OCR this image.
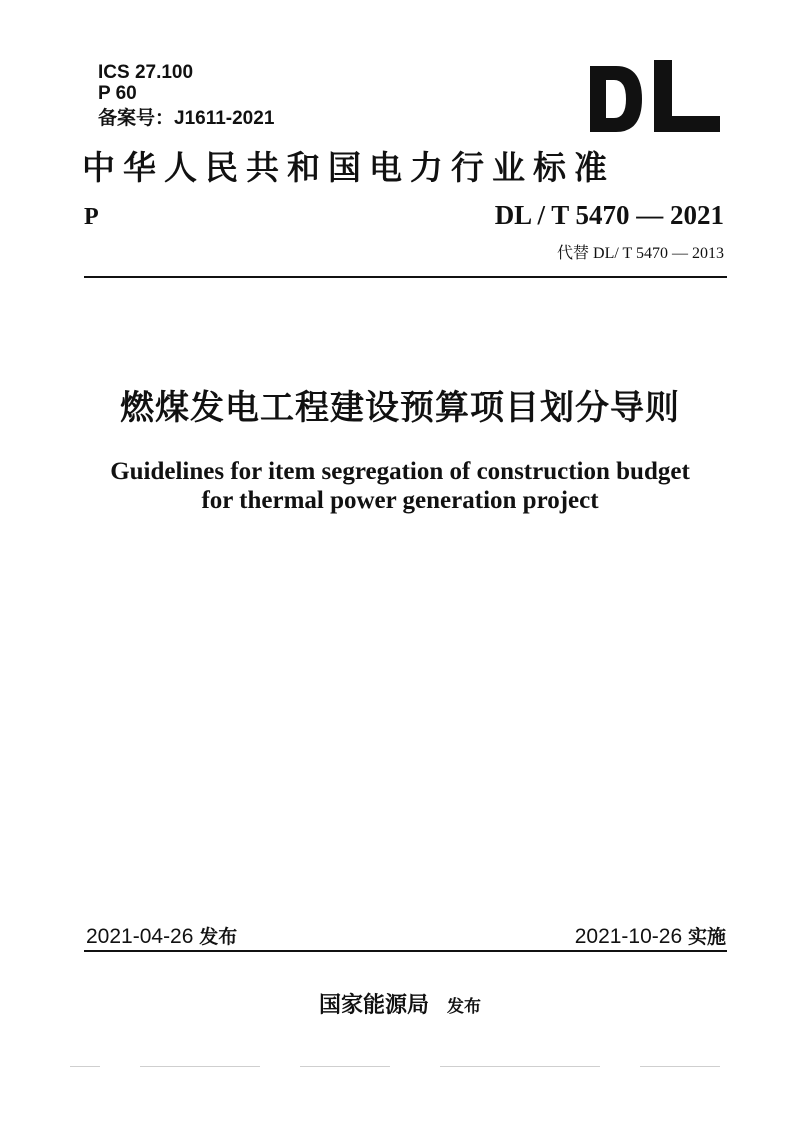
ICS 27.100
P 60
备案号：J1611-2021
中华人民共和国电力行业标准
P	DL / T 5470 — 2021
代替 DL/ T 5470 — 2013
燃煤发电工程建设预算项目划分导则
Guidelines for item segregation of construction budget
for thermal power generation project
2021-04-26 发布	2021-10-26 实施
国家能源局 发布
